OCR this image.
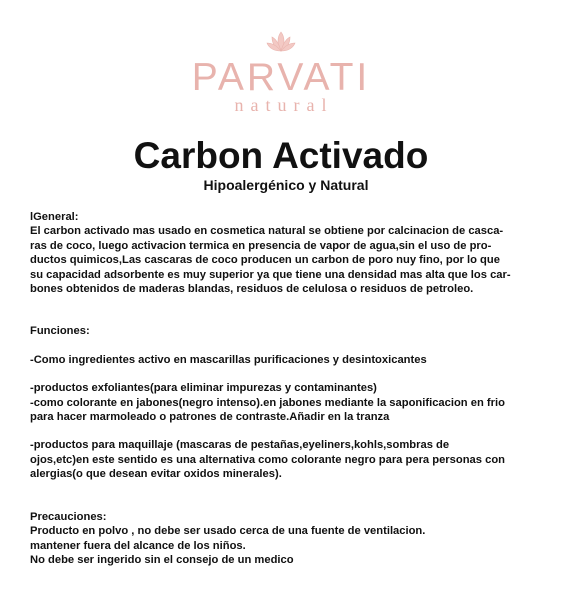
PARVATI
natural
Carbon Activado
Hipoalergénico y Natural

lGeneral:

El carbon activado mas usado en cosmetica natural se obtiene por calcinacion de casca-

ras de coco, luego activacion termica en presencia de vapor de agua,sin el uso de pro-

ductos quimicos,Las cascaras de coco producen un carbon de poro nuy fino, por lo que

su capacidad adsorbente es muy superior ya que tiene una densidad mas alta que los car-

bones obtenidos de maderas blandas, residuos de celulosa o residuos de petroleo.

Funciones:

-Como ingredientes activo en mascarillas purificaciones y desintoxicantes

-productos exfoliantes(para eliminar impurezas y contaminantes)

-como colorante en jabones(negro intenso).en jabones mediante la saponificacion en frio

para hacer marmoleado o patrones de contraste.Añadir en la tranza

-productos para maquillaje (mascaras de pestañas,eyeliners,kohls,sombras de

ojos,etc)en este sentido es una alternativa como colorante negro para pera personas con

alergias(o que desean evitar oxidos minerales).

Precauciones:

Producto en polvo , no debe ser usado cerca de una fuente de ventilacion.

mantener fuera del alcance de los niños.

No debe ser ingerido sin el consejo de un medico
